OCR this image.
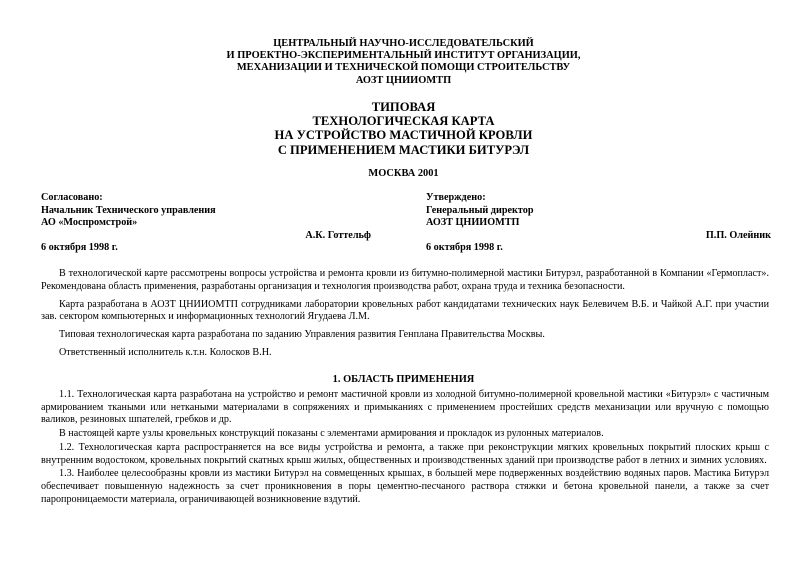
ЦЕНТРАЛЬНЫЙ НАУЧНО-ИССЛЕДОВАТЕЛЬСКИЙ
И ПРОЕКТНО-ЭКСПЕРИМЕНТАЛЬНЫЙ ИНСТИТУТ ОРГАНИЗАЦИИ,
МЕХАНИЗАЦИИ И ТЕХНИЧЕСКОЙ ПОМОЩИ СТРОИТЕЛЬСТВУ
АОЗТ ЦНИИОМТП
ТИПОВАЯ
ТЕХНОЛОГИЧЕСКАЯ КАРТА
НА УСТРОЙСТВО МАСТИЧНОЙ КРОВЛИ
С ПРИМЕНЕНИЕМ МАСТИКИ БИТУРЭЛ
МОСКВА 2001
Согласовано:
Начальник Технического управления
АО «Моспромстрой»
А.К. Готтельф
6 октября 1998 г.
Утверждено:
Генеральный директор
АОЗТ ЦНИИОМТП
П.П. Олейник
6 октября 1998 г.

В технологической карте рассмотрены вопросы устройства и ремонта кровли из битумно-полимерной мастики Битурэл, разработанной в Компании «Гермопласт». Рекомендована область применения, разработаны организация и технология производства работ, охрана труда и техника безопасности.

Карта разработана в АОЗТ ЦНИИОМТП сотрудниками лаборатории кровельных работ кандидатами технических наук Белевичем В.Б. и Чайкой А.Г. при участии зав. сектором компьютерных и информационных технологий Ягудаева Л.М.

Типовая технологическая карта разработана по заданию Управления развития Генплана Правительства Москвы.

Ответственный исполнитель к.т.н. Колосков В.Н.

1. ОБЛАСТЬ ПРИМЕНЕНИЯ

1.1. Технологическая карта разработана на устройство и ремонт мастичной кровли из холодной битумно-полимерной кровельной мастики «Битурэл» с частичным армированием ткаными или неткаными материалами в сопряжениях и примыканиях с применением простейших средств механизации или вручную с помощью валиков, резиновых шпателей, гребков и др.

В настоящей карте узлы кровельных конструкций показаны с элементами армирования и прокладок из рулонных материалов.

1.2. Технологическая карта распространяется на все виды устройства и ремонта, а также при реконструкции мягких кровельных покрытий плоских крыш с внутренним водостоком, кровельных покрытий скатных крыш жилых, общественных и производственных зданий при производстве работ в летних и зимних условиях.

1.3. Наиболее целесообразны кровли из мастики Битурэл на совмещенных крышах, в большей мере подверженных воздействию водяных паров. Мастика Битурэл обеспечивает повышенную надежность за счет проникновения в поры цементно-песчаного раствора стяжки и бетона кровельной панели, а также за счет паропроницаемости материала, ограничивающей возникновение вздутий.
